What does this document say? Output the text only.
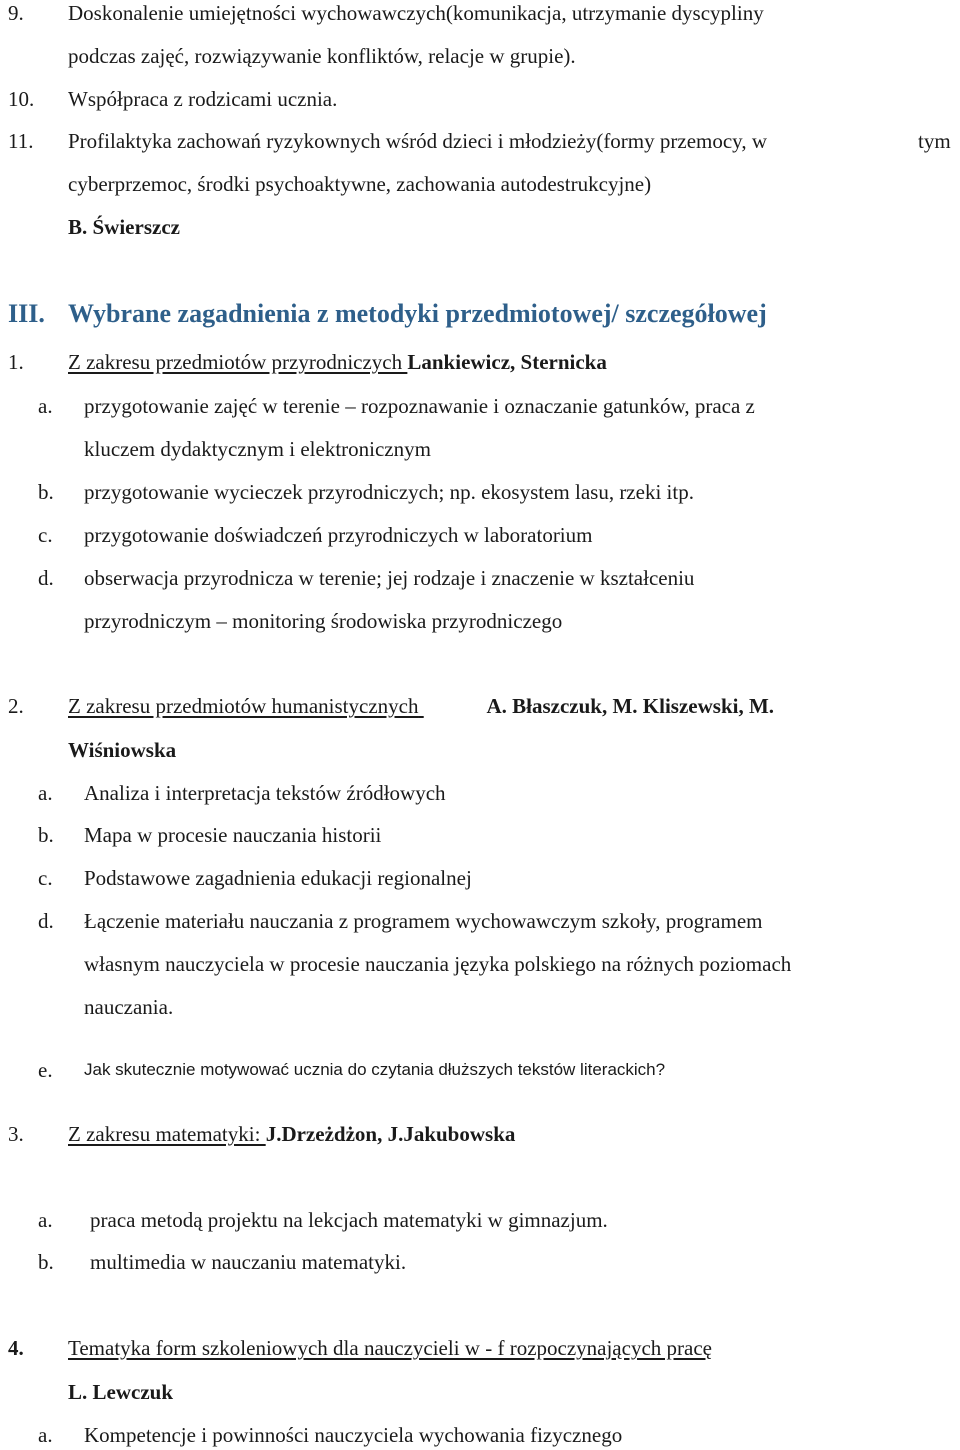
9. Doskonalenie umiejętności wychowawczych(komunikacja, utrzymanie dyscypliny
podczas zajęć, rozwiązywanie konfliktów, relacje w grupie).
10. Współpraca z rodzicami ucznia.
11. Profilaktyka zachowań ryzykownych wśród dzieci i młodzieży(formy przemocy, w	tym
cyberprzemoc, środki psychoaktywne, zachowania autodestrukcyjne)
B. Świerszcz
III. Wybrane zagadnienia z metodyki przedmiotowej/ szczegółowej
1. Z zakresu przedmiotów przyrodniczych Lankiewicz, Sternicka
a. przygotowanie zajęć w terenie – rozpoznawanie i oznaczanie gatunków, praca z
kluczem dydaktycznym i elektronicznym
b. przygotowanie wycieczek przyrodniczych; np. ekosystem lasu, rzeki itp.
c. przygotowanie doświadczeń przyrodniczych w laboratorium
d. obserwacja przyrodnicza w terenie; jej rodzaje i znaczenie w kształceniu
przyrodniczym – monitoring środowiska przyrodniczego
2. Z zakresu przedmiotów humanistycznych	A. Błaszczuk, M. Kliszewski, M.
Wiśniowska
a. Analiza i interpretacja tekstów źródłowych
b. Mapa w procesie nauczania historii
c. Podstawowe zagadnienia edukacji regionalnej
d. Łączenie materiału nauczania z programem wychowawczym szkoły, programem
własnym nauczyciela w procesie nauczania języka polskiego na różnych poziomach
nauczania.
e. Jak skutecznie motywować ucznia do czytania dłuższych tekstów literackich?
3. Z zakresu matematyki: J.Drzeżdżon, J.Jakubowska
a. praca metodą projektu na lekcjach matematyki w gimnazjum.
b. multimedia w nauczaniu matematyki.
4. Tematyka form szkoleniowych dla nauczycieli w - f rozpoczynających pracę
L. Lewczuk
a. Kompetencje i powinności nauczyciela wychowania fizycznego
